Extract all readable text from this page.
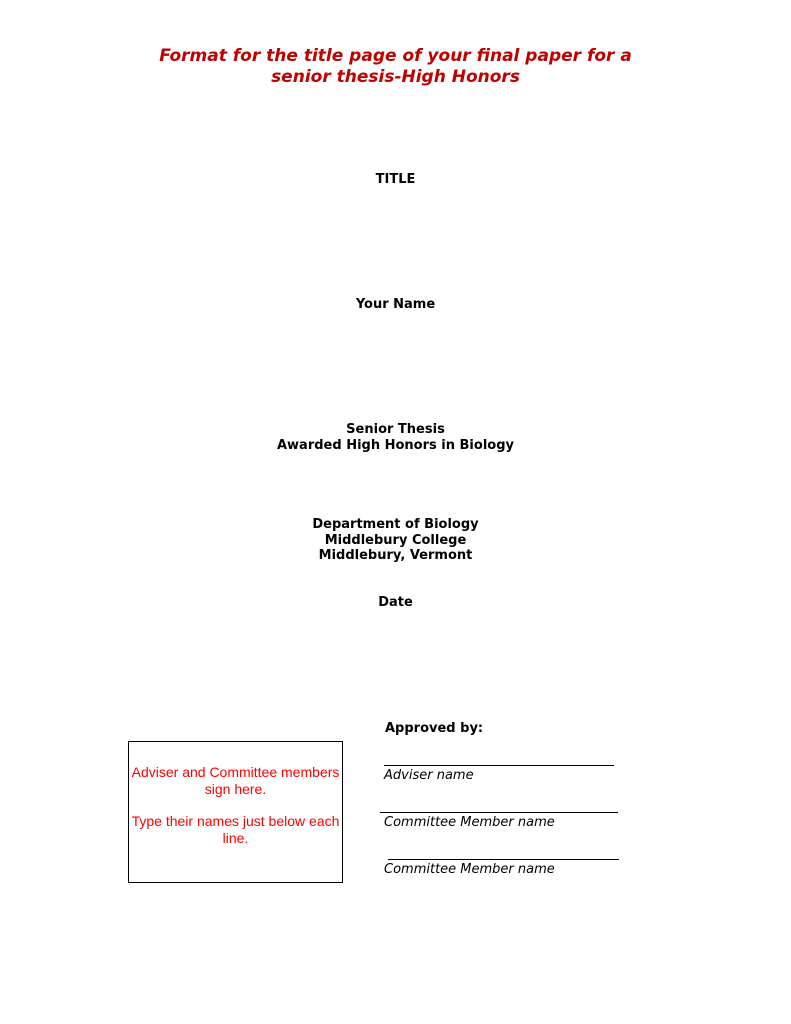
Format for the title page of your final paper for a
senior thesis-High Honors
TITLE
Your Name
Senior Thesis
Awarded High Honors in Biology
Department of Biology
Middlebury College
Middlebury, Vermont
Date
Approved by:
Adviser name
Committee Member name
Committee Member name
Adviser and Committee members sign here.
Type their names just below each line.
